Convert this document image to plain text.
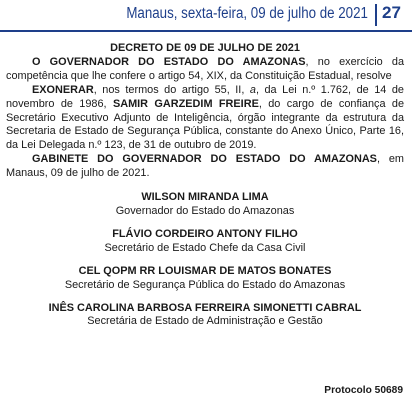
Manaus, sexta-feira, 09 de julho de 2021 27
DECRETO DE 09 DE JULHO DE 2021
O GOVERNADOR DO ESTADO DO AMAZONAS, no exercício da competência que lhe confere o artigo 54, XIX, da Constituição Estadual, resolve
EXONERAR, nos termos do artigo 55, II, a, da Lei n.º 1.762, de 14 de novembro de 1986, SAMIR GARZEDIM FREIRE, do cargo de confiança de Secretário Executivo Adjunto de Inteligência, órgão integrante da estrutura da Secretaria de Estado de Segurança Pública, constante do Anexo Único, Parte 16, da Lei Delegada n.º 123, de 31 de outubro de 2019.
GABINETE DO GOVERNADOR DO ESTADO DO AMAZONAS, em Manaus, 09 de julho de 2021.
WILSON MIRANDA LIMA
Governador do Estado do Amazonas
FLÁVIO CORDEIRO ANTONY FILHO
Secretário de Estado Chefe da Casa Civil
CEL QOPM RR LOUISMAR DE MATOS BONATES
Secretário de Segurança Pública do Estado do Amazonas
INÊS CAROLINA BARBOSA FERREIRA SIMONETTI CABRAL
Secretária de Estado de Administração e Gestão
Protocolo 50689
